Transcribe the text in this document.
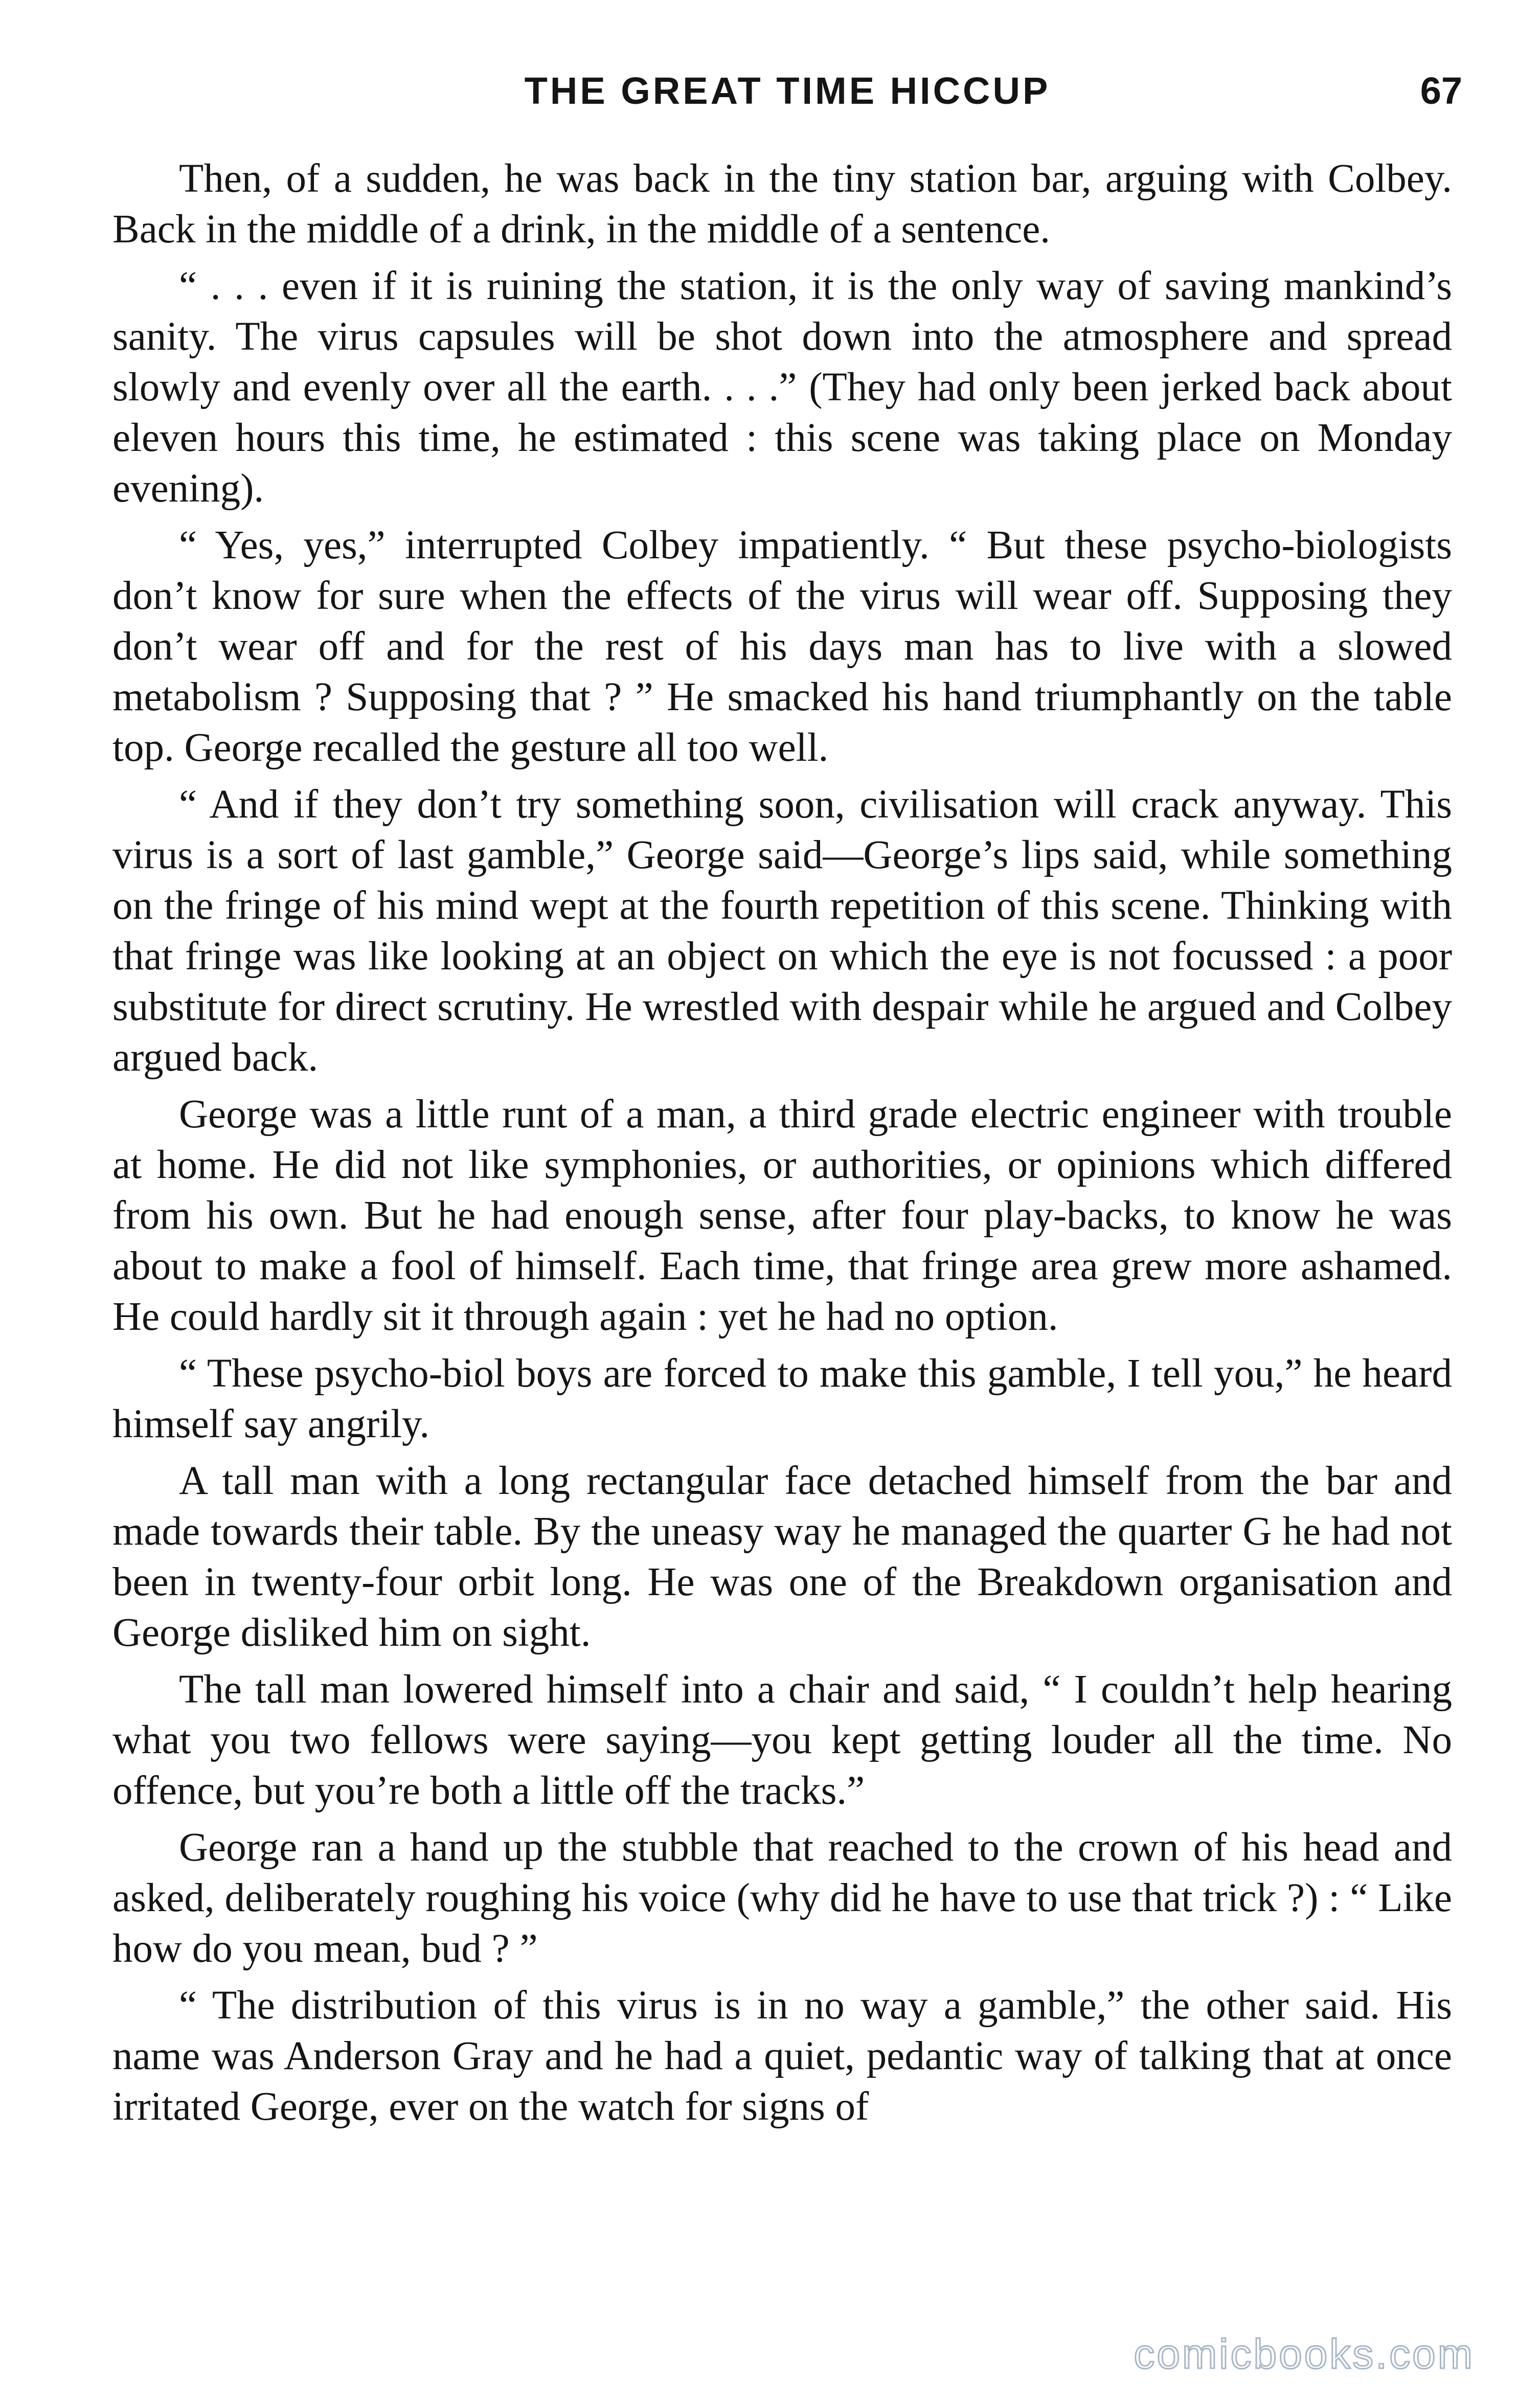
THE GREAT TIME HICCUP	67

Then, of a sudden, he was back in the tiny station bar, arguing with Colbey. Back in the middle of a drink, in the middle of a sentence.

“ . . . even if it is ruining the station, it is the only way of saving mankind’s sanity. The virus capsules will be shot down into the atmosphere and spread slowly and evenly over all the earth. . . .” (They had only been jerked back about eleven hours this time, he estimated : this scene was taking place on Monday evening).

“ Yes, yes,” interrupted Colbey impatiently. “ But these psycho-biologists don’t know for sure when the effects of the virus will wear off. Supposing they don’t wear off and for the rest of his days man has to live with a slowed metabolism ? Supposing that ? ” He smacked his hand triumphantly on the table top. George recalled the gesture all too well.

“ And if they don’t try something soon, civilisation will crack anyway. This virus is a sort of last gamble,” George said—George’s lips said, while something on the fringe of his mind wept at the fourth repetition of this scene. Thinking with that fringe was like looking at an object on which the eye is not focussed : a poor substitute for direct scrutiny. He wrestled with despair while he argued and Colbey argued back.

George was a little runt of a man, a third grade electric engineer with trouble at home. He did not like symphonies, or authorities, or opinions which differed from his own. But he had enough sense, after four play-backs, to know he was about to make a fool of himself. Each time, that fringe area grew more ashamed. He could hardly sit it through again : yet he had no option.

“ These psycho-biol boys are forced to make this gamble, I tell you,” he heard himself say angrily.

A tall man with a long rectangular face detached himself from the bar and made towards their table. By the uneasy way he managed the quarter G he had not been in twenty-four orbit long. He was one of the Breakdown organisation and George disliked him on sight.

The tall man lowered himself into a chair and said, “ I couldn’t help hearing what you two fellows were saying—you kept getting louder all the time. No offence, but you’re both a little off the tracks.”

George ran a hand up the stubble that reached to the crown of his head and asked, deliberately roughing his voice (why did he have to use that trick ?) : “ Like how do you mean, bud ? ”

“ The distribution of this virus is in no way a gamble,” the other said. His name was Anderson Gray and he had a quiet, pedantic way of talking that at once irritated George, ever on the watch for signs of

comicbooks.com
